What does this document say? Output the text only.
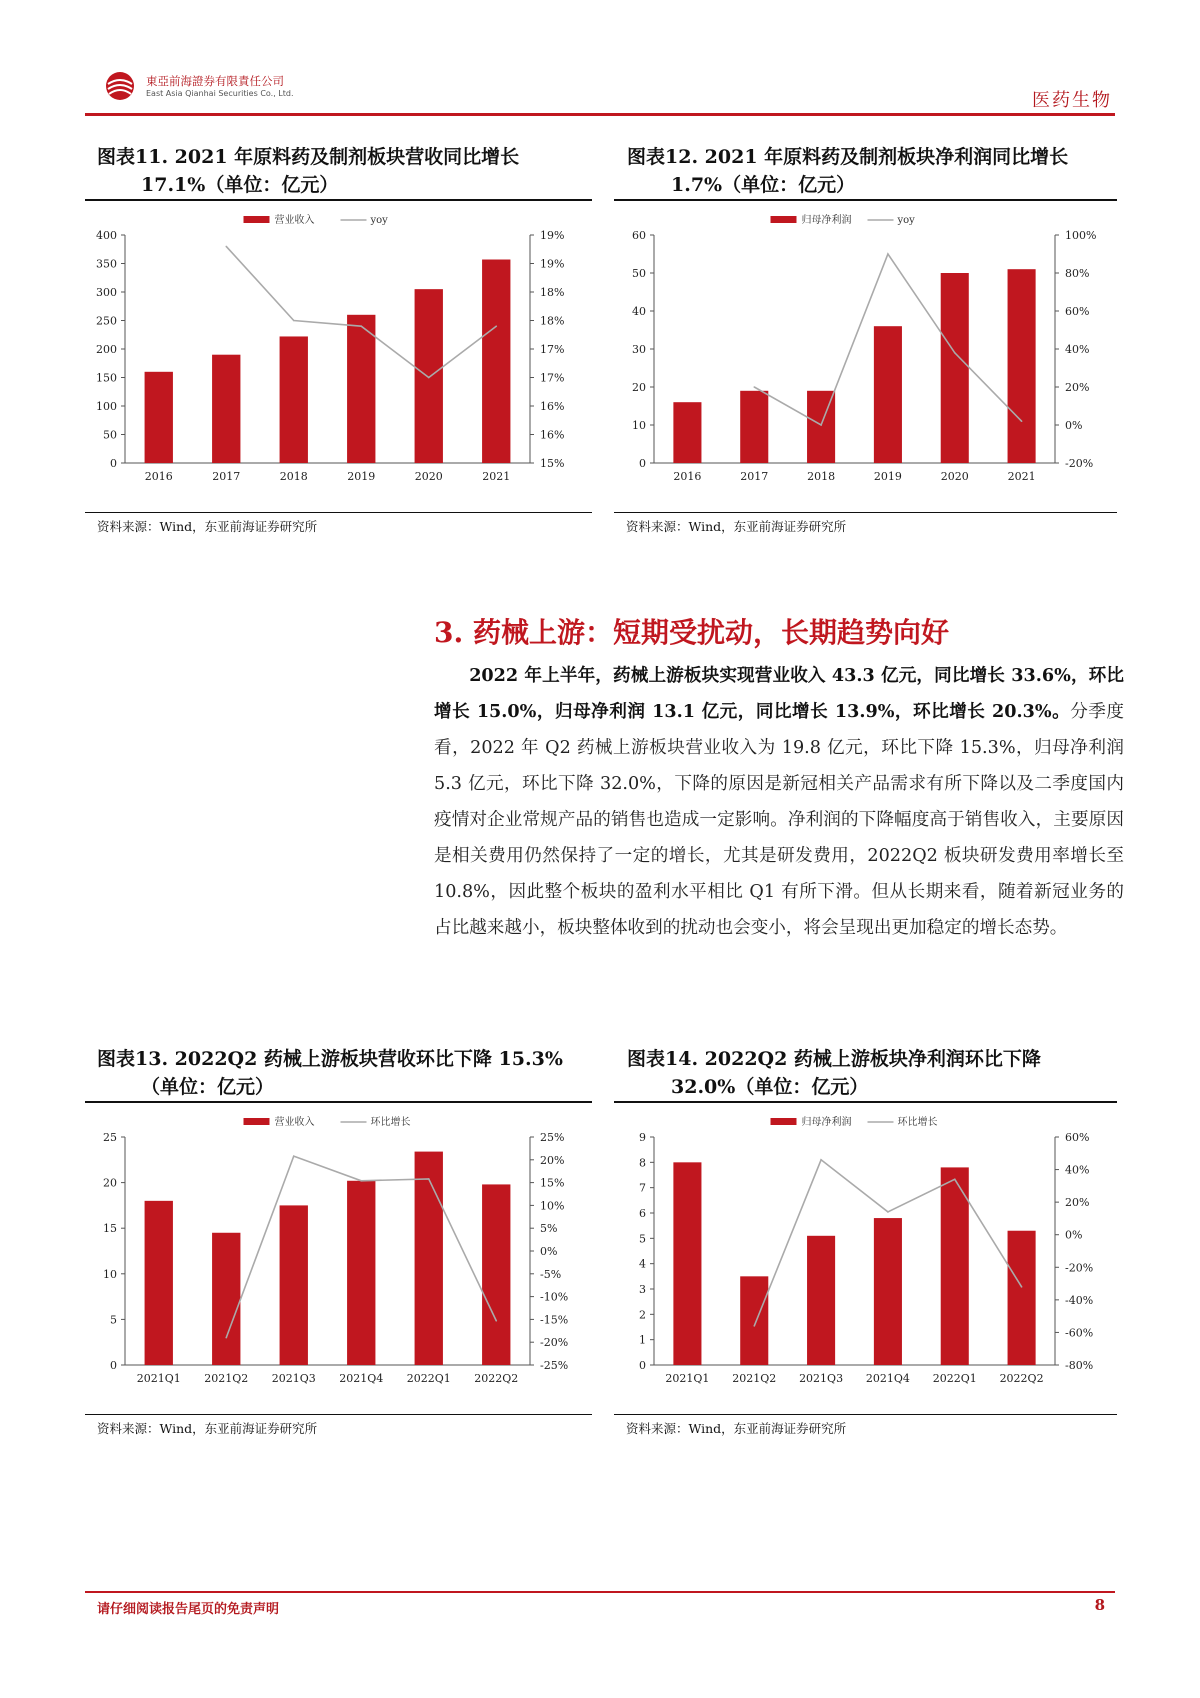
東亞前海證券有限責任公司
East Asia Qianhai Securities Co., Ltd.	医药生物
图表11. 2021 年原料药及制剂板块营收同比增长
17.1%（单位：亿元）
营业收入	yoy
0
50
100
150
200
250
300
350
400
15%
16%
16%
17%
17%
18%
18%
19%
19%
2016	2017	2018	2019	2020	2021
资料来源：Wind，东亚前海证券研究所
图表12. 2021 年原料药及制剂板块净利润同比增长
1.7%（单位：亿元）
归母净利润	yoy
0
10
20
30
40
50
60
-20%
0%
20%
40%
60%
80%
100%
2016	2017	2018	2019	2020	2021
资料来源：Wind，东亚前海证券研究所
3. 药械上游：短期受扰动，长期趋势向好

2022 年上半年，药械上游板块实现营业收入 43.3 亿元，同比增长 33.6%，环比增长 15.0%，归母净利润 13.1 亿元，同比增长 13.9%，环比增长 20.3%。分季度看，2022 年 Q2 药械上游板块营业收入为 19.8 亿元，环比下降 15.3%，归母净利润 5.3 亿元，环比下降 32.0%，下降的原因是新冠相关产品需求有所下降以及二季度国内疫情对企业常规产品的销售也造成一定影响。净利润的下降幅度高于销售收入，主要原因是相关费用仍然保持了一定的增长，尤其是研发费用，2022Q2 板块研发费用率增长至 10.8%，因此整个板块的盈利水平相比 Q1 有所下滑。但从长期来看，随着新冠业务的占比越来越小，板块整体收到的扰动也会变小，将会呈现出更加稳定的增长态势。

图表13. 2022Q2 药械上游板块营收环比下降 15.3%
（单位：亿元）
营业收入	环比增长
0
5
10
15
20
25
-25%
-20%
-15%
-10%
-5%
0%
5%
10%
15%
20%
25%
2021Q1 2021Q2 2021Q3 2021Q4 2022Q1 2022Q2
资料来源：Wind，东亚前海证券研究所
图表14. 2022Q2 药械上游板块净利润环比下降
32.0%（单位：亿元）
归母净利润	环比增长
0
1
2
3
4
5
6
7
8
9
-80%
-60%
-40%
-20%
0%
20%
40%
60%
2021Q1 2021Q2 2021Q3 2021Q4 2022Q1 2022Q2
资料来源：Wind，东亚前海证券研究所
请仔细阅读报告尾页的免责声明	8
